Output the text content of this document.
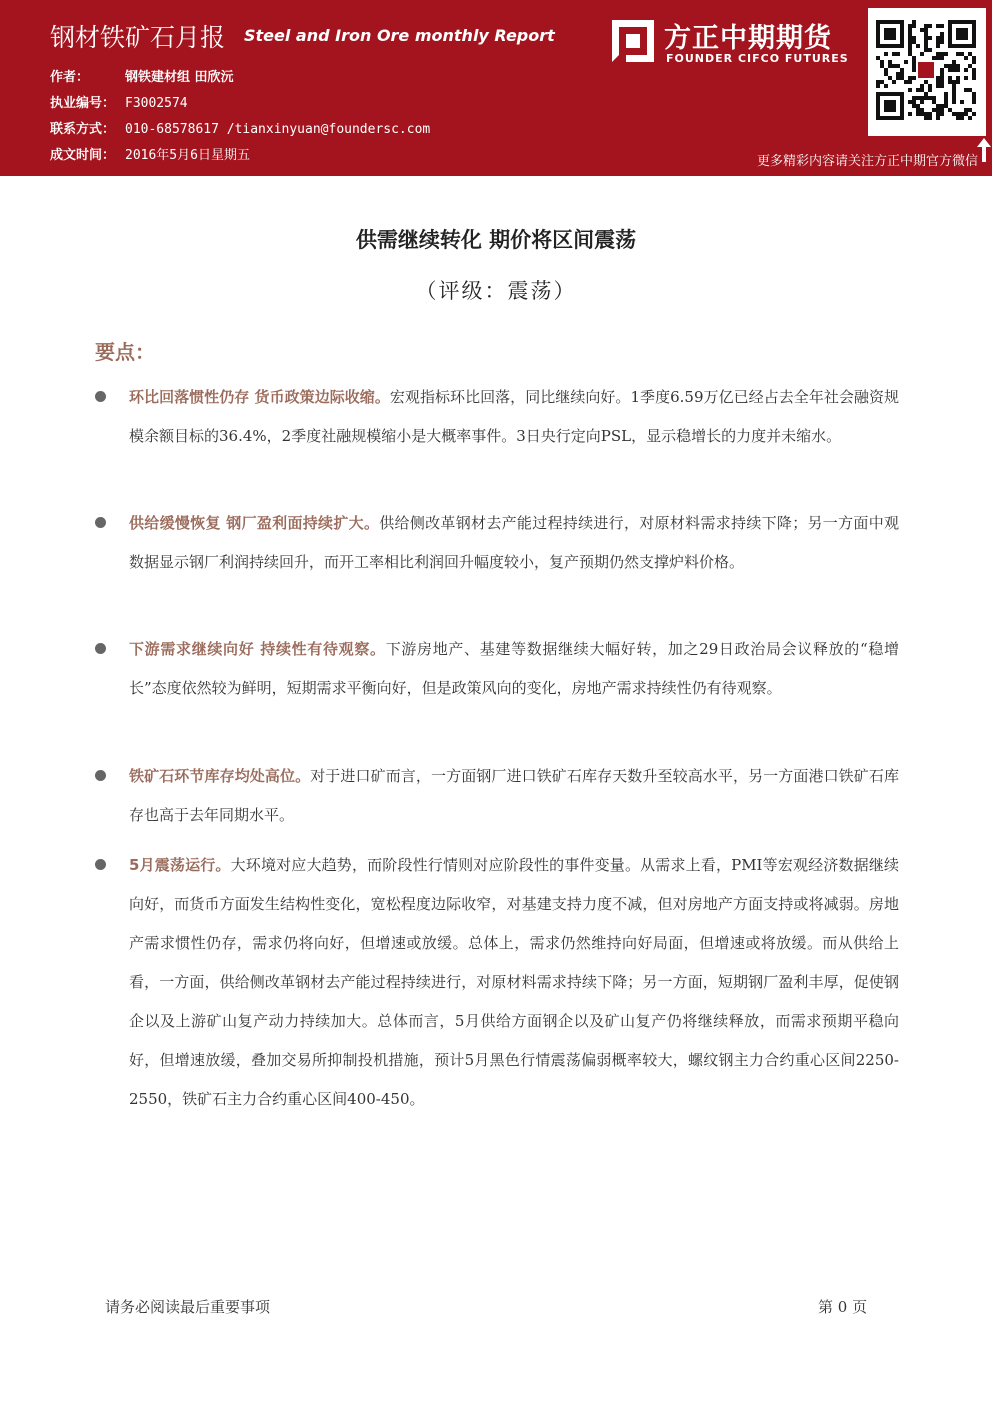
钢材铁矿石月报 Steel and Iron Ore monthly Report
作者：	钢铁建材组 田欣沅
执业编号： F3002574
联系方式： 010-68578617 /tianxinyuan@foundersc.com
成文时间： 2016年5月6日星期五
方正中期期货
FOUNDER CIFCO FUTURES
更多精彩内容请关注方正中期官方微信
供需继续转化 期价将区间震荡
（评级：震荡）
要点：
环比回落惯性仍存 货币政策边际收缩。宏观指标环比回落，同比继续向好。1季度6.59万亿已经占去全年社会融资规模余额目标的36.4%，2季度社融规模缩小是大概率事件。3日央行定向PSL，显示稳增长的力度并未缩水。
供给缓慢恢复 钢厂盈利面持续扩大。供给侧改革钢材去产能过程持续进行，对原材料需求持续下降；另一方面中观数据显示钢厂利润持续回升，而开工率相比利润回升幅度较小，复产预期仍然支撑炉料价格。
下游需求继续向好 持续性有待观察。下游房地产、基建等数据继续大幅好转，加之29日政治局会议释放的“稳增长”态度依然较为鲜明，短期需求平衡向好，但是政策风向的变化，房地产需求持续性仍有待观察。
铁矿石环节库存均处高位。对于进口矿而言，一方面钢厂进口铁矿石库存天数升至较高水平，另一方面港口铁矿石库存也高于去年同期水平。
5月震荡运行。大环境对应大趋势，而阶段性行情则对应阶段性的事件变量。从需求上看，PMI等宏观经济数据继续向好，而货币方面发生结构性变化，宽松程度边际收窄，对基建支持力度不减，但对房地产方面支持或将减弱。房地产需求惯性仍存，需求仍将向好，但增速或放缓。总体上，需求仍然维持向好局面，但增速或将放缓。而从供给上看，一方面，供给侧改革钢材去产能过程持续进行，对原材料需求持续下降；另一方面，短期钢厂盈利丰厚，促使钢企以及上游矿山复产动力持续加大。总体而言，5月供给方面钢企以及矿山复产仍将继续释放，而需求预期平稳向好，但增速放缓，叠加交易所抑制投机措施，预计5月黑色行情震荡偏弱概率较大，螺纹钢主力合约重心区间2250-2550，铁矿石主力合约重心区间400-450。
请务必阅读最后重要事项	第 0 页
